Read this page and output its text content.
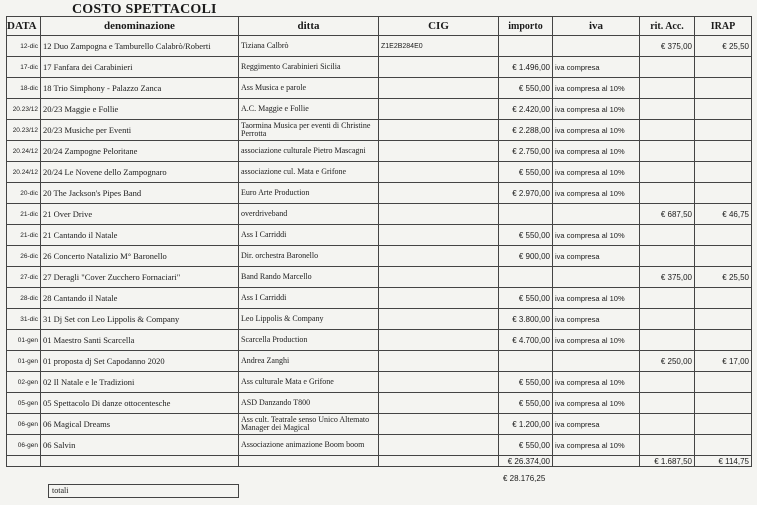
COSTO SPETTACOLI
DATA	denominazione	ditta	CIG	importo	iva	rit. Acc.	IRAP
12-dic	12 Duo Zampogna e Tamburello Calabrò/Roberti	Tiziana Calbrò	Z1E2B284E0			€ 375,00	€ 25,50
17-dic	17 Fanfara dei Carabinieri	Reggimento Carabinieri Sicilia		€ 1.496,00	iva compresa		
18-dic	18 Trio Simphony - Palazzo Zanca	Ass Musica e parole		€ 550,00	iva compresa al 10%		
20.23/12	20/23 Maggie e Follie	A.C. Maggie e Follie		€ 2.420,00	iva compresa al 10%		
20.23/12	20/23 Musiche per Eventi	Taormina Musica per eventi di Christine Perrotta		€ 2.288,00	iva compresa al 10%		
20.24/12	20/24 Zampogne Peloritane	associazione culturale Pietro Mascagni		€ 2.750,00	iva compresa al 10%		
20.24/12	20/24 Le Novene dello Zampognaro	associazione cul. Mata e Grifone		€ 550,00	iva compresa al 10%		
20-dic	20 The Jackson's Pipes Band	Euro Arte Production		€ 2.970,00	iva compresa al 10%		
21-dic	21 Over Drive	overdriveband				€ 687,50	€ 46,75
21-dic	21 Cantando il Natale	Ass I Carriddi		€ 550,00	iva compresa al 10%		
26-dic	26 Concerto Natalizio M° Baronello	Dir. orchestra Baronello		€ 900,00	iva compresa		
27-dic	27 Deragli "Cover Zucchero Fornaciari"	Band Rando Marcello				€ 375,00	€ 25,50
28-dic	28 Cantando il Natale	Ass I Carriddi		€ 550,00	iva compresa al 10%		
31-dic	31 Dj Set con Leo Lippolis & Company	Leo Lippolis & Company		€ 3.800,00	iva compresa		
01-gen	01 Maestro Santi Scarcella	Scarcella Production		€ 4.700,00	iva compresa al 10%		
01-gen	01 proposta dj Set Capodanno 2020	Andrea Zanghi				€ 250,00	€ 17,00
02-gen	02 Il Natale e le Tradizioni	Ass culturale Mata e Grifone		€ 550,00	iva compresa al 10%		
05-gen	05 Spettacolo Di danze ottocentesche	ASD Danzando T800		€ 550,00	iva compresa al 10%		
06-gen	06 Magical Dreams	Ass cult. Teatrale senso Unico Altemato Manager dei Magical		€ 1.200,00	iva compresa		
06-gen	06 Salvin	Associazione animazione Boom boom		€ 550,00	iva compresa al 10%		
				€ 26.374,00		€ 1.687,50	€ 114,75
€ 28.176,25
totali
